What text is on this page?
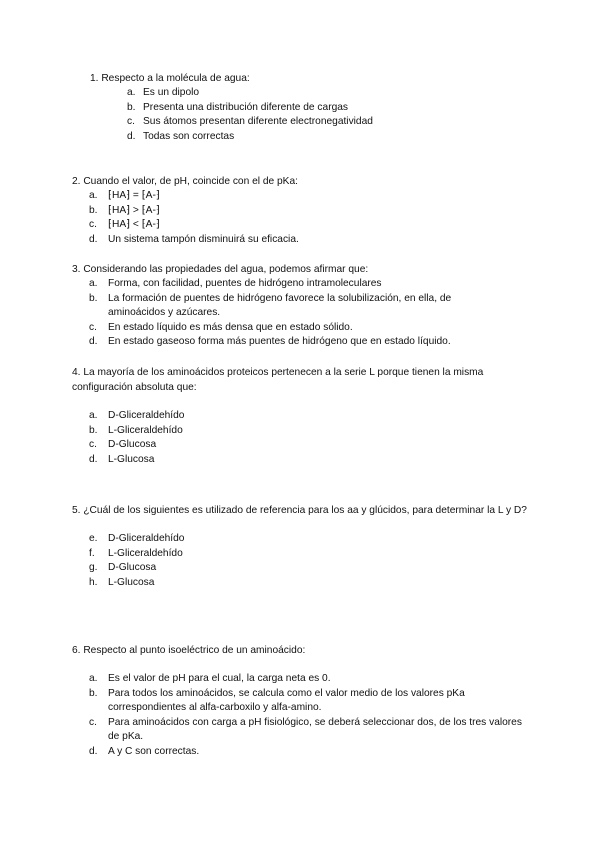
1. Respecto a la molécula de agua:
a. Es un dipolo
b. Presenta una distribución diferente de cargas
c. Sus átomos presentan diferente electronegatividad
d. Todas son correctas
2. Cuando el valor, de pH, coincide con el de pKa:
a.	⁅HA⁆ = ⁅A-⁆
b.	⁅HA⁆ > ⁅A-⁆
c.	⁅HA⁆ < ⁅A-⁆
d.	Un sistema tampón disminuirá su eficacia.
3. Considerando las propiedades del agua, podemos afirmar que:
a.	Forma, con facilidad, puentes de hidrógeno intramoleculares
b.	La formación de puentes de hidrógeno favorece la solubilización, en ella, de aminoácidos y azúcares.
c.	En estado líquido es más densa que en estado sólido.
d.	En estado gaseoso forma más puentes de hidrógeno que en estado líquido.
4. La mayoría de los aminoácidos proteicos pertenecen a la serie L porque tienen la misma configuración absoluta que:
a.	D-Gliceraldehído
b.	L-Gliceraldehído
c.	D-Glucosa
d.	L-Glucosa
5. ¿Cuál de los siguientes es utilizado de referencia para los aa y glúcidos, para determinar la L y D?
e.	D-Gliceraldehído
f.	L-Gliceraldehído
g.	D-Glucosa
h.	L-Glucosa
6. Respecto al punto isoeléctrico de un aminoácido:
a.	Es el valor de pH para el cual, la carga neta es 0.
b.	Para todos los aminoácidos, se calcula como el valor medio de los valores pKa correspondientes al alfa-carboxilo y alfa-amino.
c.	Para aminoácidos con carga a pH fisiológico, se deberá seleccionar dos, de los tres valores de pKa.
d.	A y C son correctas.
